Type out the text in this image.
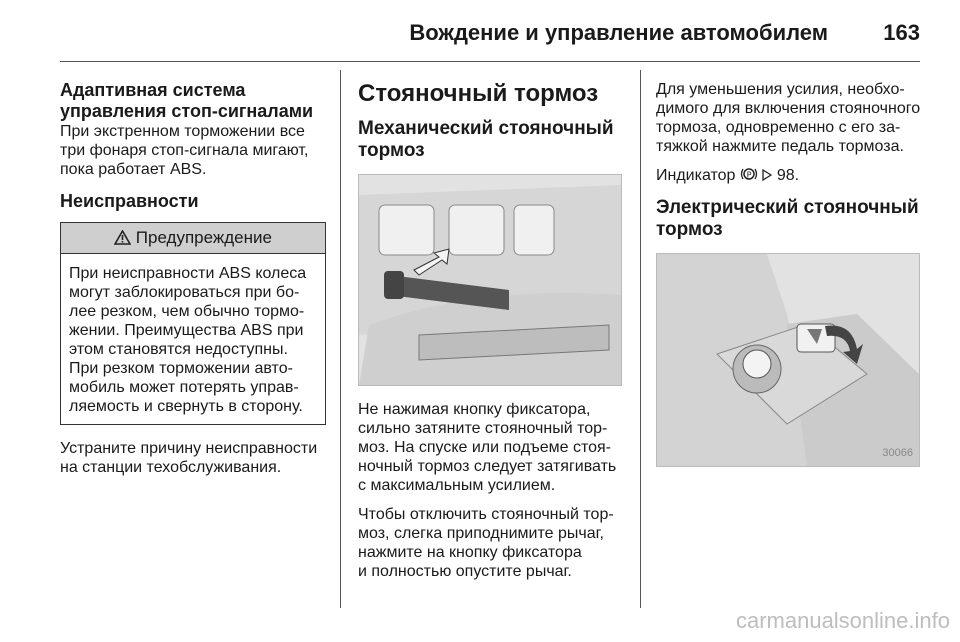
Вождение и управление автомобилем	163
Адаптивная система
управления стоп-сигналами

При экстренном торможении все
три фонаря стоп-сигнала мигают,
пока работает ABS.

Неисправности
Предупреждение
При неисправности ABS колеса
могут заблокироваться при бо-
лее резком, чем обычно тормо-
жении. Преимущества ABS при
этом становятся недоступны.
При резком торможении авто-
мобиль может потерять управ-
ляемость и свернуть в сторону.

Устраните причину неисправности
на станции техобслуживания.

Стояночный тормоз
Механический стояночный
тормоз

Не нажимая кнопку фиксатора,
сильно затяните стояночный тор-
моз. На спуске или подъеме стоя-
ночный тормоз следует затягивать
с максимальным усилием.

Чтобы отключить стояночный тор-
моз, слегка приподнимите рычаг,
нажмите на кнопку фиксатора
и полностью опустите рычаг.

Для уменьшения усилия, необхо-
димого для включения стояночного
тормоза, одновременно с его за-
тяжкой нажмите педаль тормоза.

Индикатор P 98.

Электрический стояночный
тормоз
30066
carmanualsonline.info
